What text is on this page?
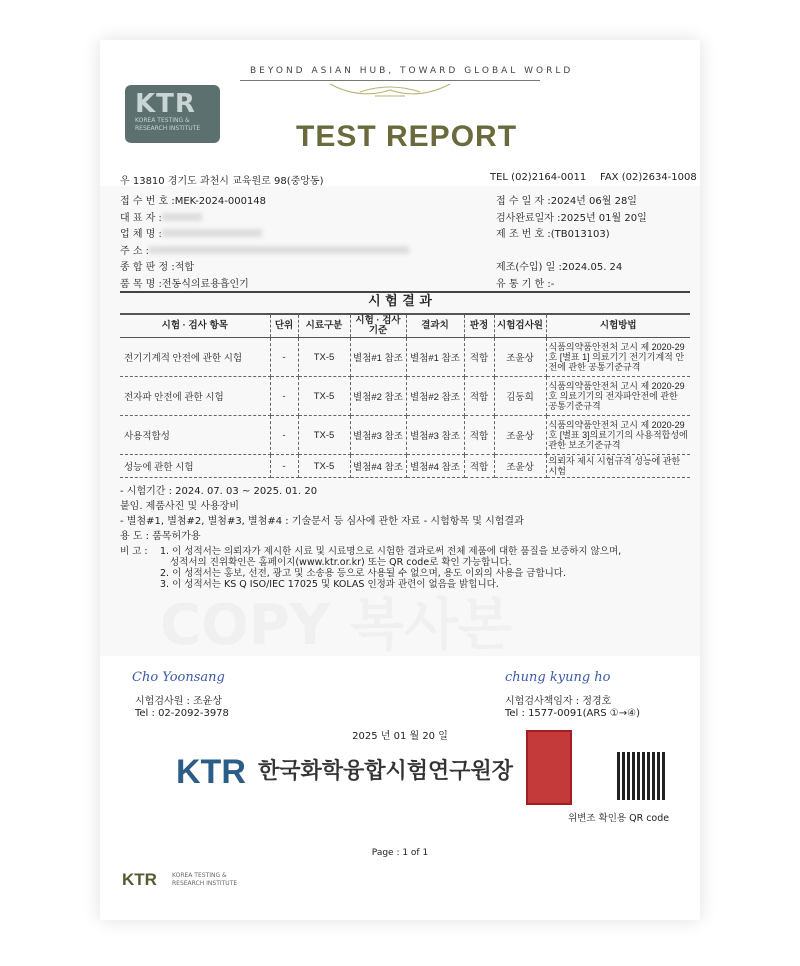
COPY 복사본
BEYOND ASIAN HUB, TOWARD GLOBAL WORLD
KTR
KOREA TESTING & RESEARCH INSTITUTE	TEST REPORT
우 13810 경기도 과천시 교육원로 98(중앙동)	TEL (02)2164-0011 FAX (02)2634-1008
접 수 번 호 :MEK-2024-000148
대 표 자 :
업 체 명 :
주 소 :
종 합 판 정 :적합
품 목 명 :전동식의료용흡인기
접 수 일 자 :2024년 06월 28일
검사완료일자 :2025년 01월 20일
제 조 번 호 :(TB013103)

제조(수입) 일 :2024.05. 24
유 통 기 한 :-
시 험 결 과
시험 · 검사 항목	단위	시료구분	시험 · 검사 기준	결과치	판정	시험검사원	시험방법
전기기계적 안전에 관한 시험	-	TX-5	별첨#1 참조	별첨#1 참조	적합	조윤상	식품의약품안전처 고시 제 2020-29호 [별표 1] 의료기기 전기기계적 안전에 관한 공통기준규격
전자파 안전에 관한 시험	-	TX-5	별첨#2 참조	별첨#2 참조	적합	김동희	식품의약품안전처 고시 제 2020-29호 의료기기의 전자파안전에 관한 공통기준규격
사용적합성	-	TX-5	별첨#3 참조	별첨#3 참조	적합	조윤상	식품의약품안전처 고시 제 2020-29호 [별표 3]의료기기의 사용적합성에 관한 보조기준규격
성능에 관한 시험	-	TX-5	별첨#4 참조	별첨#4 참조	적합	조윤상	의뢰자 제시 시험규격 성능에 관한 시험
- 시험기간 : 2024. 07. 03 ~ 2025. 01. 20
붙임. 제품사진 및 사용장비
- 별첨#1, 별첨#2, 별첨#3, 별첨#4 : 기술문서 등 심사에 관한 자료 - 시험항목 및 시험결과
용 도 : 품목허가용
비 고 : 1. 이 성적서는 의뢰자가 제시한 시료 및 시료명으로 시험한 결과로써 전체 제품에 대한 품질을 보증하지 않으며,
성적서의 진위확인은 홈페이지(www.ktr.or.kr) 또는 QR code로 확인 가능합니다.
2. 이 성적서는 홍보, 선전, 광고 및 소송용 등으로 사용될 수 없으며, 용도 이외의 사용을 금합니다.
3. 이 성적서는 KS Q ISO/IEC 17025 및 KOLAS 인정과 관련이 없음을 밝힙니다.
Cho Yoonsang
시험검사원 : 조윤상
Tel : 02-2092-3978
chung kyung ho
시험검사책임자 : 정경호
Tel : 1577-0091(ARS ①→④)
2025 년 01 월 20 일
KTR 한국화학융합시험연구원장
위변조 확인용 QR code
Page : 1 of 1
KTR	KOREA TESTING & RESEARCH INSTITUTE
